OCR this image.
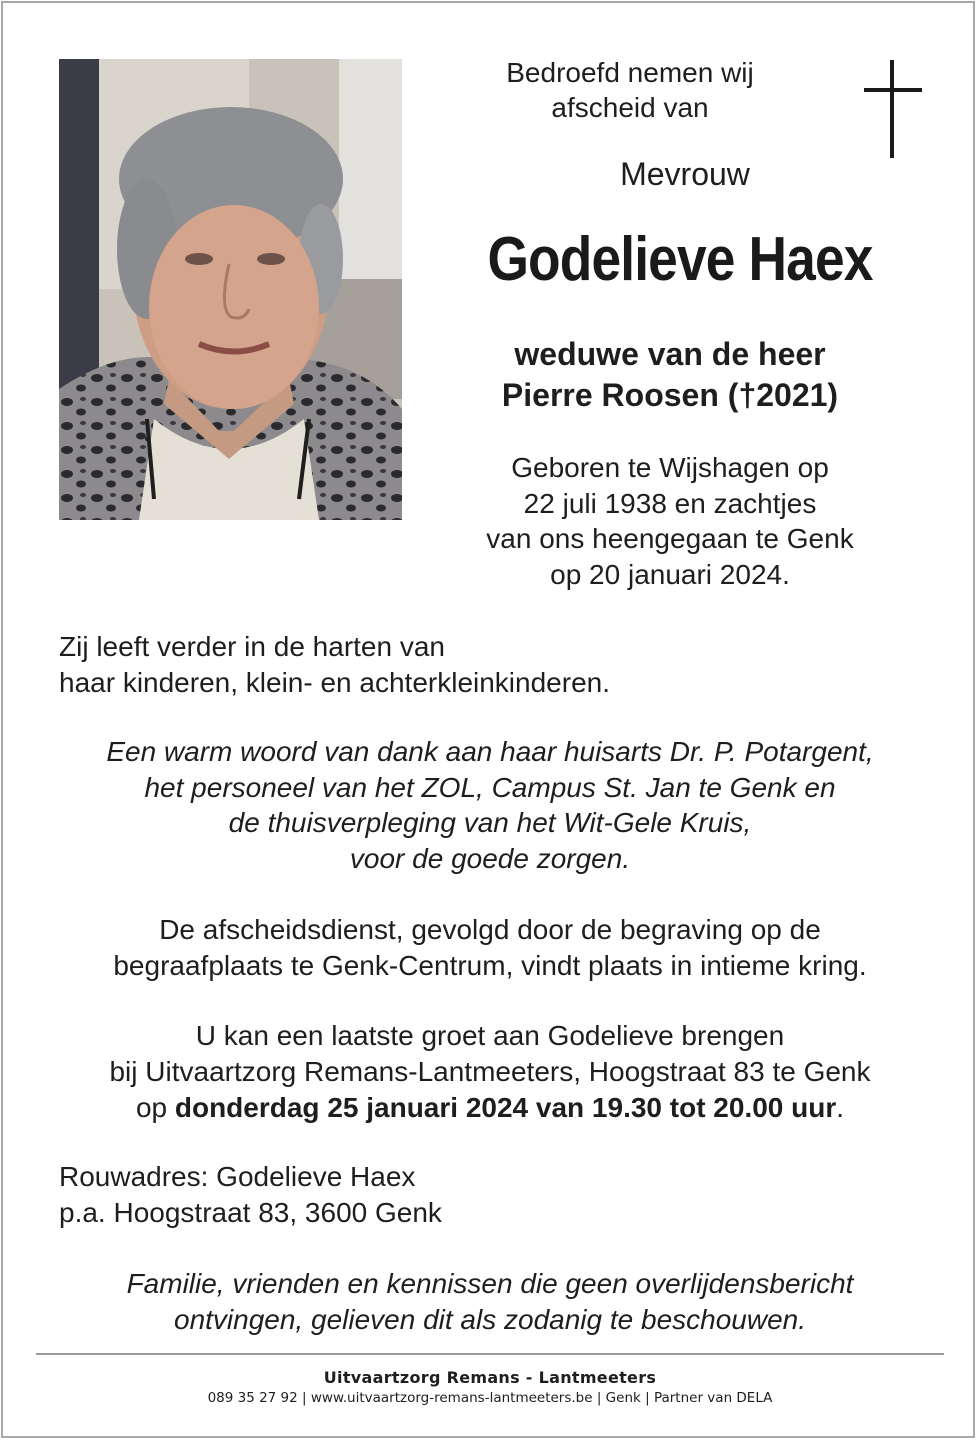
Bedroefd nemen wij
afscheid van
Mevrouw
Godelieve Haex
weduwe van de heer
Pierre Roosen (†2021)
Geboren te Wijshagen op
22 juli 1938 en zachtjes
van ons heengegaan te Genk
op 20 januari 2024.
Zij leeft verder in de harten van
haar kinderen, klein- en achterkleinkinderen.
Een warm woord van dank aan haar huisarts Dr. P. Potargent,
het personeel van het ZOL, Campus St. Jan te Genk en
de thuisverpleging van het Wit-Gele Kruis,
voor de goede zorgen.
De afscheidsdienst, gevolgd door de begraving op de
begraafplaats te Genk-Centrum, vindt plaats in intieme kring.
U kan een laatste groet aan Godelieve brengen
bij Uitvaartzorg Remans-Lantmeeters, Hoogstraat 83 te Genk
op donderdag 25 januari 2024 van 19.30 tot 20.00 uur.
Rouwadres: Godelieve Haex
p.a. Hoogstraat 83, 3600 Genk
Familie, vrienden en kennissen die geen overlijdensbericht
ontvingen, gelieven dit als zodanig te beschouwen.
Uitvaartzorg Remans - Lantmeeters
089 35 27 92 | www.uitvaartzorg-remans-lantmeeters.be | Genk | Partner van DELA
